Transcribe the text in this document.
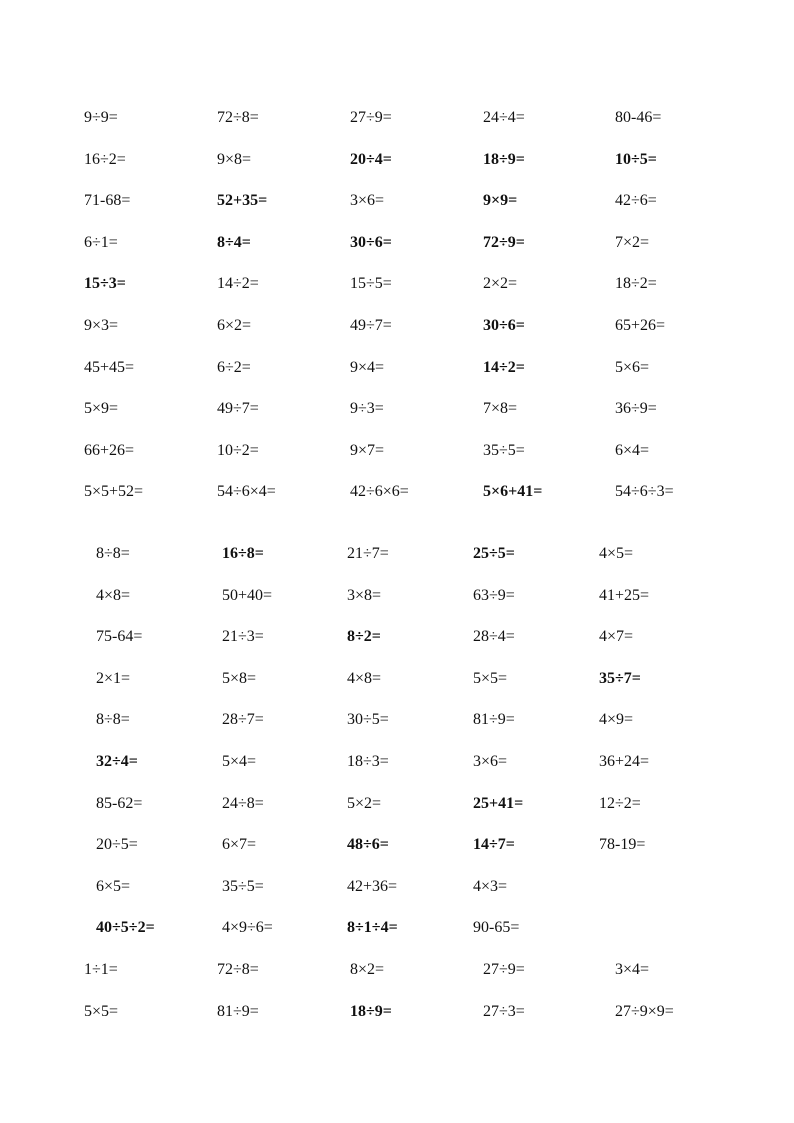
9÷9=	72÷8=	27÷9=	24÷4=	80-46=
16÷2=	9×8=	20÷4=	18÷9=	10÷5=
71-68=	52+35=	3×6=	9×9=	42÷6=
6÷1=	8÷4=	30÷6=	72÷9=	7×2=
15÷3=	14÷2=	15÷5=	2×2=	18÷2=
9×3=	6×2=	49÷7=	30÷6=	65+26=
45+45=	6÷2=	9×4=	14÷2=	5×6=
5×9=	49÷7=	9÷3=	7×8=	36÷9=
66+26=	10÷2=	9×7=	35÷5=	6×4=
5×5+52=	54÷6×4=	42÷6×6=	5×6+41=	54÷6÷3=
8÷8=	16÷8=	21÷7=	25÷5=	4×5=
4×8=	50+40=	3×8=	63÷9=	41+25=
75-64=	21÷3=	8÷2=	28÷4=	4×7=
2×1=	5×8=	4×8=	5×5=	35÷7=
8÷8=	28÷7=	30÷5=	81÷9=	4×9=
32÷4=	5×4=	18÷3=	3×6=	36+24=
85-62=	24÷8=	5×2=	25+41=	12÷2=
20÷5=	6×7=	48÷6=	14÷7=	78-19=
6×5=	35÷5=	42+36=	4×3=
40÷5÷2=	4×9÷6=	8÷1÷4=	90-65=
1÷1=	72÷8=	8×2=	27÷9=	3×4=
5×5=	81÷9=	18÷9=	27÷3=	27÷9×9=
